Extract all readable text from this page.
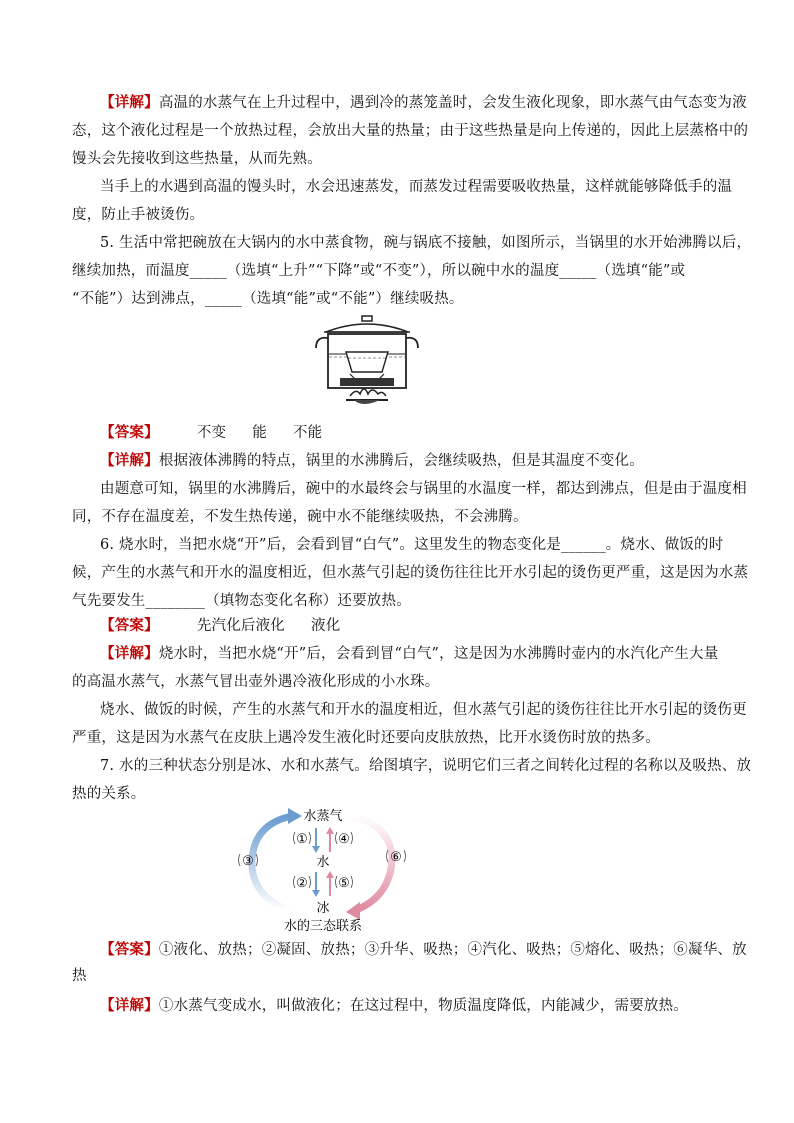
【详解】高温的水蒸气在上升过程中，遇到冷的蒸笼盖时，会发生液化现象，即水蒸气由气态变为液
态，这个液化过程是一个放热过程，会放出大量的热量；由于这些热量是向上传递的，因此上层蒸格中的
馒头会先接收到这些热量，从而先熟。
当手上的水遇到高温的馒头时，水会迅速蒸发，而蒸发过程需要吸收热量，这样就能够降低手的温
度，防止手被烫伤。
5. 生活中常把碗放在大锅内的水中蒸食物，碗与锅底不接触，如图所示，当锅里的水开始沸腾以后，
继续加热，而温度_____（选填“上升”“下降”或“不变”），所以碗中水的温度_____（选填“能”或
“不能”）达到沸点，_____（选填“能”或“不能”）继续吸热。
【答案】	不变 能 不能
【详解】根据液体沸腾的特点，锅里的水沸腾后，会继续吸热，但是其温度不变化。
由题意可知，锅里的水沸腾后，碗中的水最终会与锅里的水温度一样，都达到沸点，但是由于温度相
同，不存在温度差，不发生热传递，碗中水不能继续吸热，不会沸腾。
6. 烧水时，当把水烧“开”后，会看到冒“白气”。这里发生的物态变化是______。烧水、做饭的时
候，产生的水蒸气和开水的温度相近，但水蒸气引起的烫伤往往比开水引起的烫伤更严重，这是因为水蒸
气先要发生________（填物态变化名称）还要放热。
【答案】	先汽化后液化 液化
【详解】烧水时，当把水烧“开”后，会看到冒“白气”，这是因为水沸腾时壶内的水汽化产生大量
的高温水蒸气，水蒸气冒出壶外遇冷液化形成的小水珠。
烧水、做饭的时候，产生的水蒸气和开水的温度相近，但水蒸气引起的烫伤往往比开水引起的烫伤更
严重，这是因为水蒸气在皮肤上遇冷发生液化时还要向皮肤放热，比开水烫伤时放的热多。
7. 水的三种状态分别是冰、水和水蒸气。给图填字，说明它们三者之间转化过程的名称以及吸热、放
热的关系。
水蒸气
水
冰
水的三态联系
①
②
③
④
⑤
⑥
【答案】①液化、放热；②凝固、放热；③升华、吸热；④汽化、吸热；⑤熔化、吸热；⑥凝华、放
热
【详解】①水蒸气变成水，叫做液化；在这过程中，物质温度降低，内能减少，需要放热。
